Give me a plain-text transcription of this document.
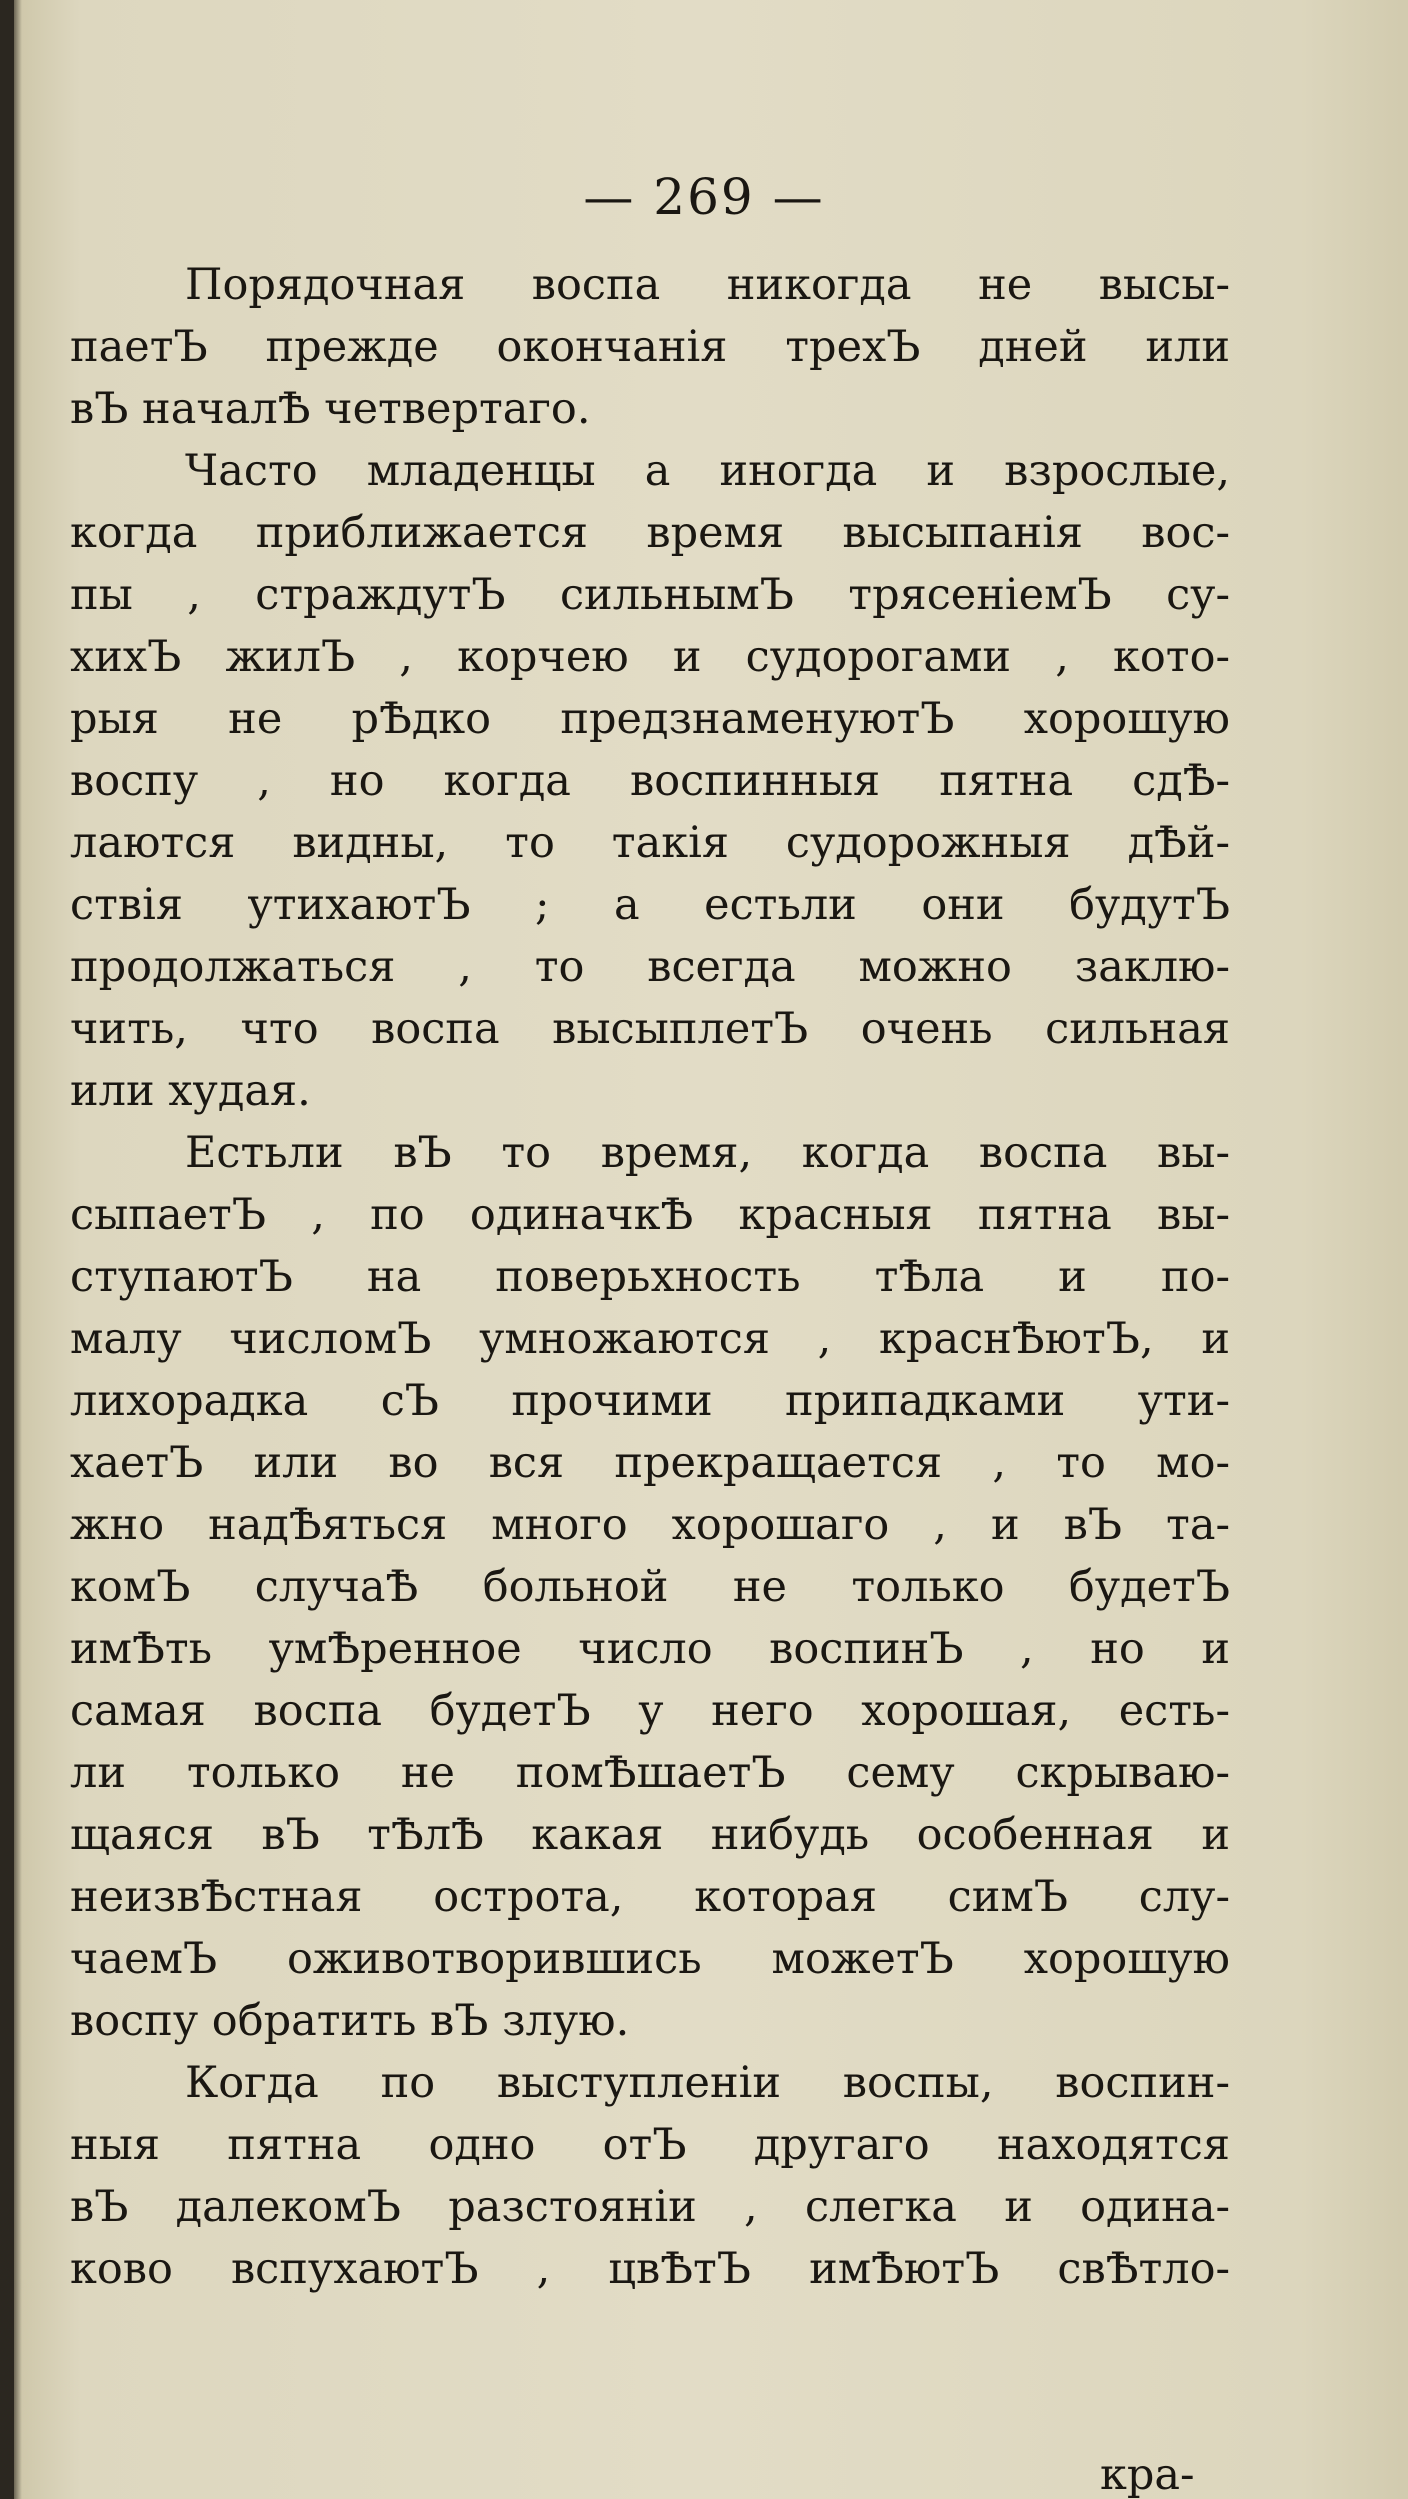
— 269 —
Порядочная воспа никогда не высы-
паетЪ прежде окончанія трехЪ дней или
вЪ началѢ четвертаго.
Часто младенцы а иногда и взрослые,
когда приближается время высыпанія вос-
пы , страждутЪ сильнымЪ трясеніемЪ су-
хихЪ жилЪ , корчею и судорогами , кото-
рыя не рѢдко предзнаменуютЪ хорошую
воспу , но когда воспинныя пятна сдѢ-
лаются видны, то такія судорожныя дѢй-
ствія утихаютЪ ; а естьли они будутЪ
продолжаться , то всегда можно заклю-
чить, что воспа высыплетЪ очень сильная
или худая.
Естьли вЪ то время, когда воспа вы-
сыпаетЪ , по одиначкѢ красныя пятна вы-
ступаютЪ на поверьхность тѢла и по-
малу числомЪ умножаются , краснѢютЪ, и
лихорадка сЪ прочими припадками ути-
хаетЪ или во вся прекращается , то мо-
жно надѢяться много хорошаго , и вЪ та-
комЪ случаѢ больной не только будетЪ
имѢть умѢренное число воспинЪ , но и
самая воспа будетЪ у него хорошая, есть-
ли только не помѢшаетЪ сему скрываю-
щаяся вЪ тѢлѢ какая нибудь особенная и
неизвѢстная острота, которая симЪ слу-
чаемЪ оживотворившись можетЪ хорошую
воспу обратить вЪ злую.
Когда по выступленіи воспы, воспин-
ныя пятна одно отЪ другаго находятся
вЪ далекомЪ разстояніи , слегка и одина-
ково вспухаютЪ , цвѢтЪ имѢютЪ свѢтло-
кра-
